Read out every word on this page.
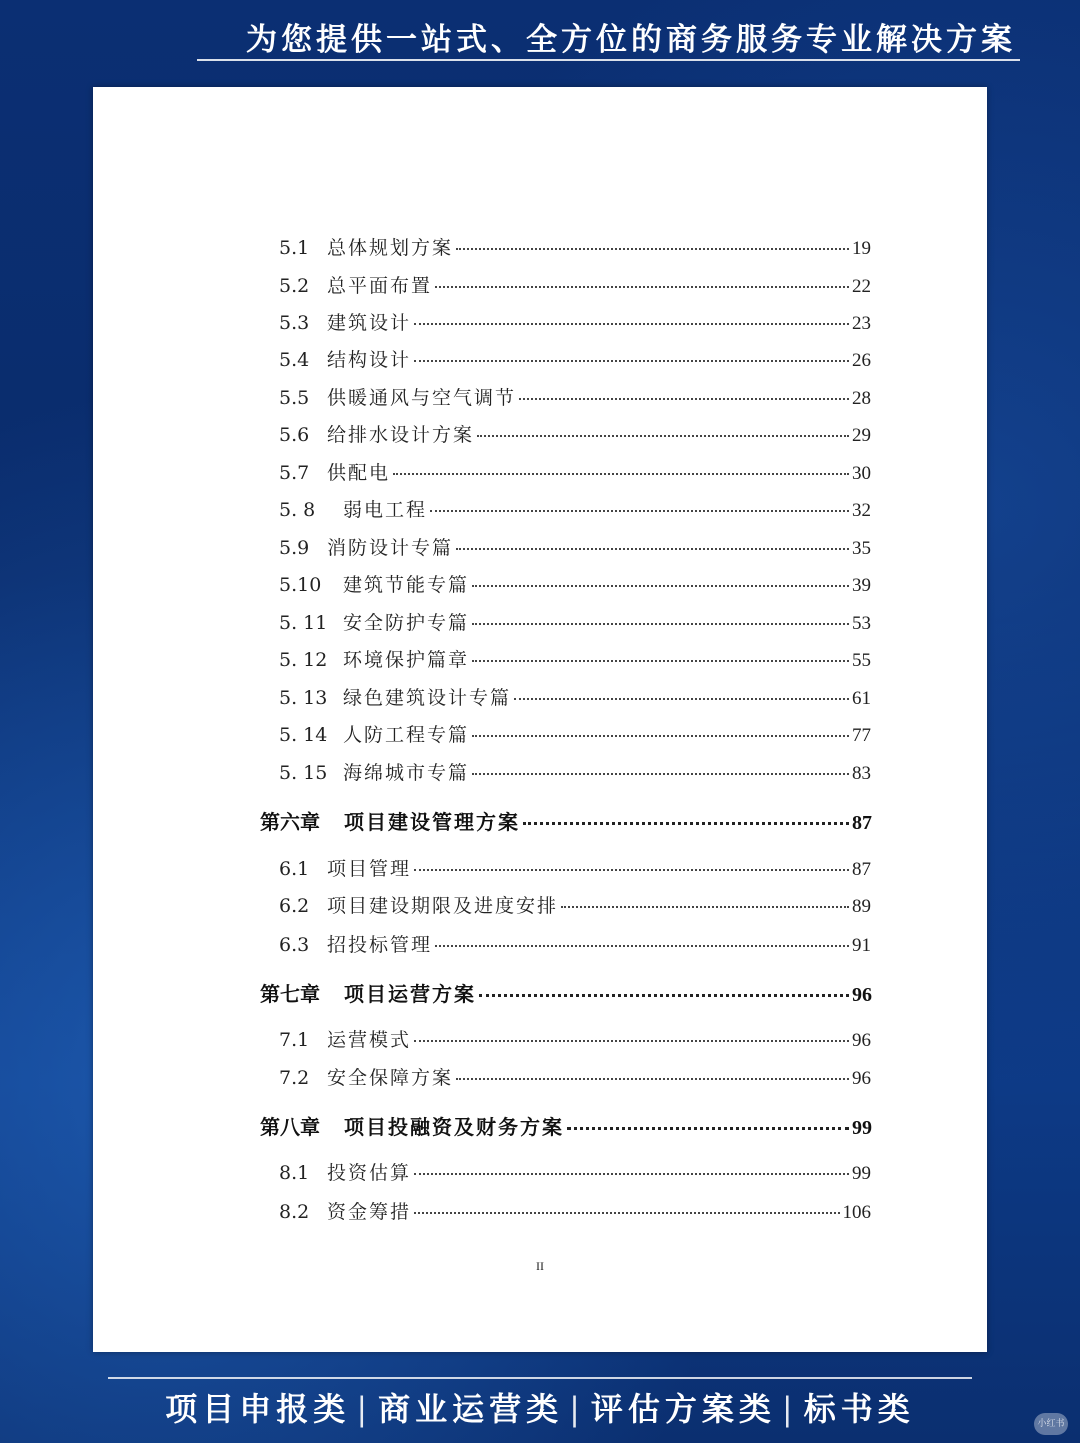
为您提供一站式、全方位的商务服务专业解决方案
5.1 总体规划方案	19
5.2 总平面布置	22
5.3 建筑设计	23
5.4 结构设计	26
5.5 供暖通风与空气调节	28
5.6 给排水设计方案	29
5.7 供配电	30
5. 8	弱电工程	32
5.9 消防设计专篇	35
5.10	建筑节能专篇	39
5. 11 安全防护专篇	53
5. 12 环境保护篇章	55
5. 13 绿色建筑设计专篇	61
5. 14 人防工程专篇	77
5. 15 海绵城市专篇	83
第六章	项目建设管理方案	87
6.1 项目管理	87
6.2 项目建设期限及进度安排	89
6.3 招投标管理	91
第七章	项目运营方案	96
7.1 运营模式	96
7.2 安全保障方案	96
第八章	项目投融资及财务方案	99
8.1 投资估算	99
8.2 资金筹措	106
II
项目申报类 | 商业运营类 | 评估方案类 | 标书类	小红书
